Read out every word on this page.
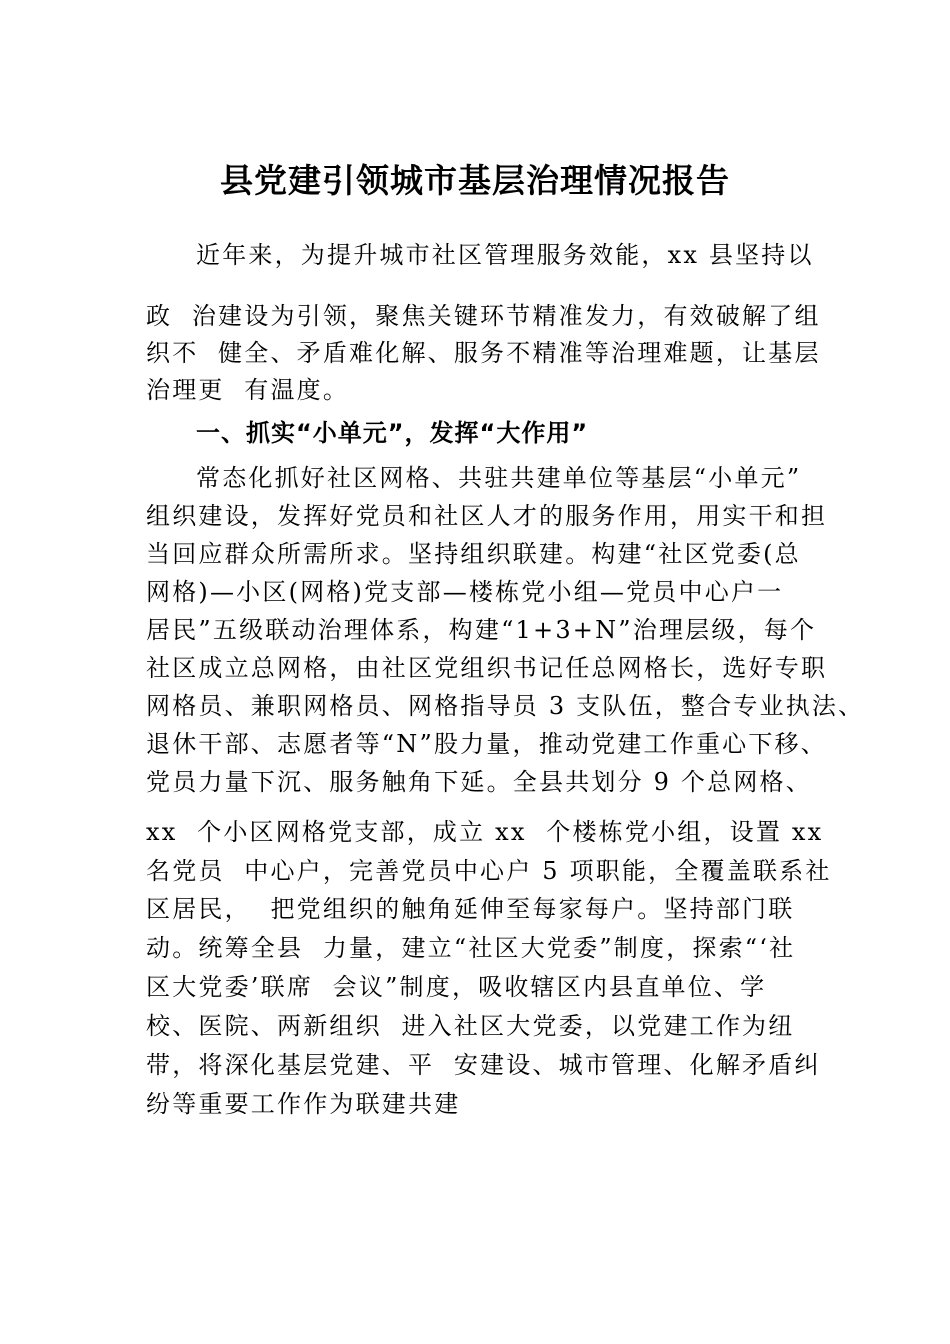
县党建引领城市基层治理情况报告

近年来，为提升城市社区管理服务效能，xx 县坚持以

政  治建设为引领，聚焦关键环节精准发力，有效破解了组

织不  健全、矛盾难化解、服务不精准等治理难题，让基层

治理更  有温度。

一、抓实“小单元”，发挥“大作用”

常态化抓好社区网格、共驻共建单位等基层“小单元”

组织建设，发挥好党员和社区人才的服务作用，用实干和担

当回应群众所需所求。坚持组织联建。构建“社区党委(总

网格)—小区(网格)党支部—楼栋党小组—党员中心户一

居民”五级联动治理体系，构建“1+3+N”治理层级，每个

社区成立总网格，由社区党组织书记任总网格长，选好专职

网格员、兼职网格员、网格指导员 3 支队伍，整合专业执法、

退休干部、志愿者等“N”股力量，推动党建工作重心下移、

党员力量下沉、服务触角下延。全县共划分 9 个总网格、

xx  个小区网格党支部，成立 xx  个楼栋党小组，设置 xx

名党员  中心户，完善党员中心户 5 项职能，全覆盖联系社

区居民，  把党组织的触角延伸至每家每户。坚持部门联

动。统筹全县  力量，建立“社区大党委”制度，探索“‘社

区大党委’联席  会议”制度，吸收辖区内县直单位、学

校、医院、两新组织  进入社区大党委，以党建工作为纽

带，将深化基层党建、平  安建设、城市管理、化解矛盾纠

纷等重要工作作为联建共建
